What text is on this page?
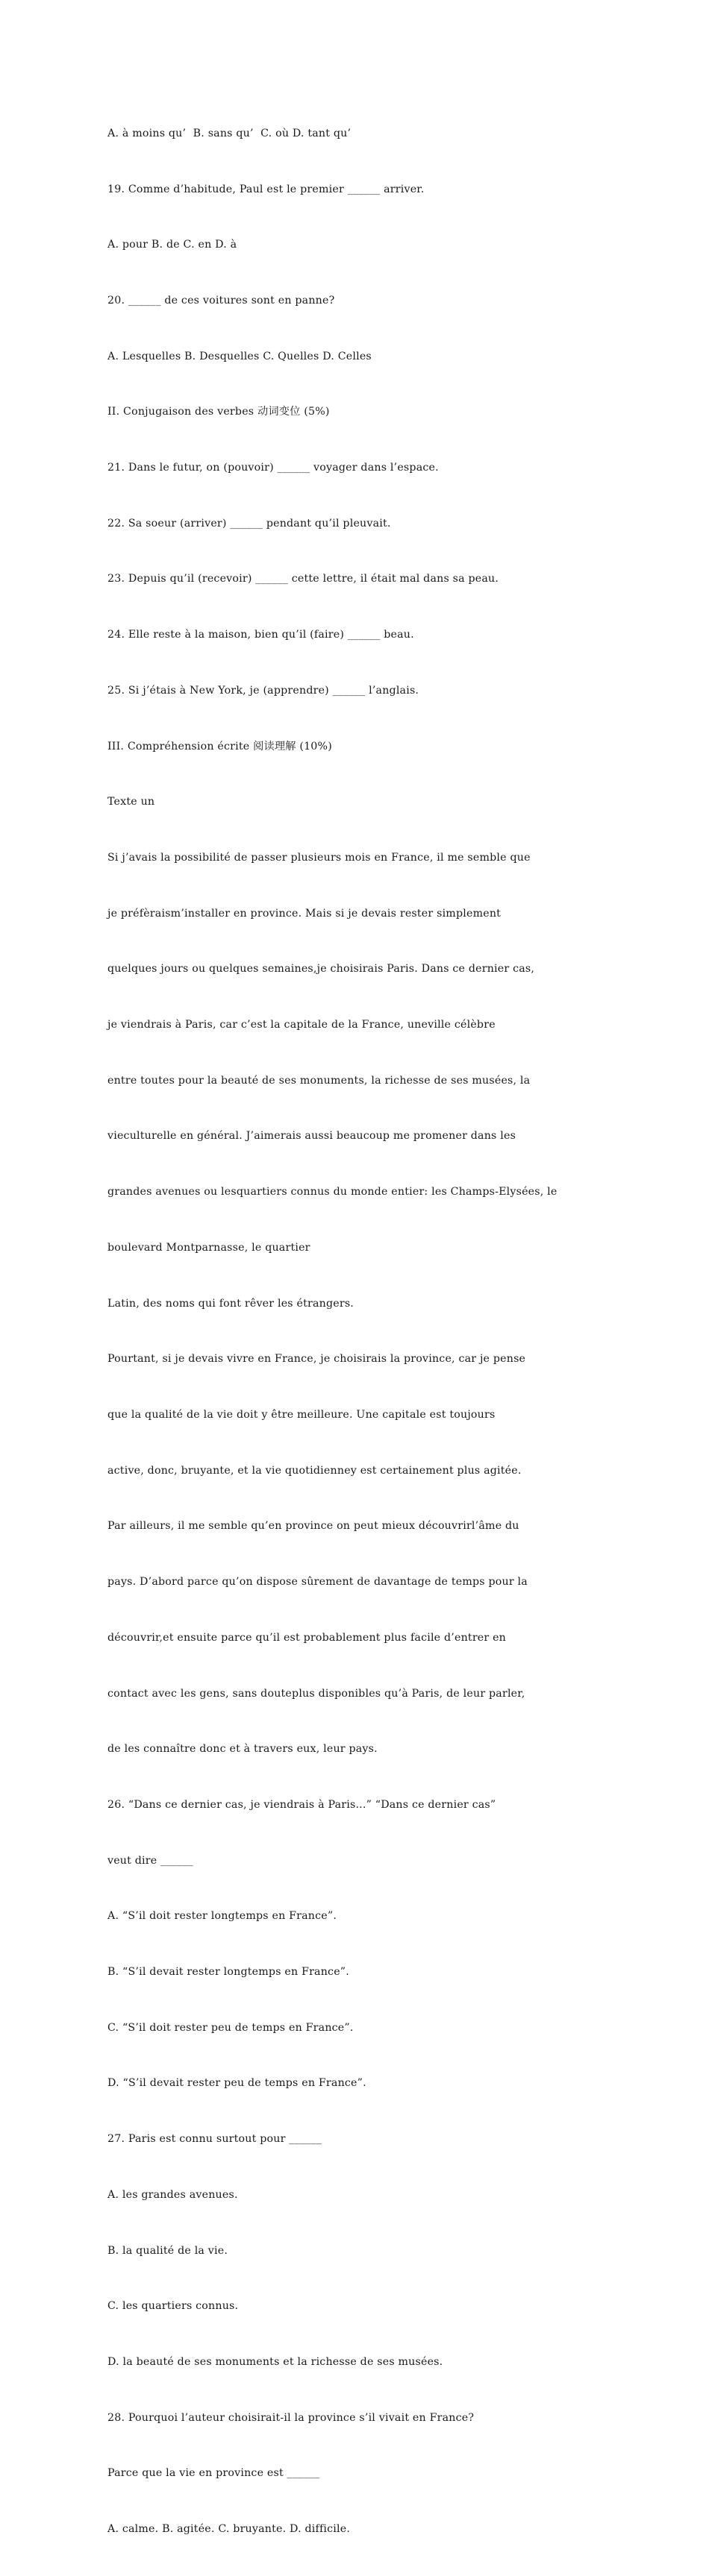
A. à moins qu’  B. sans qu’  C. où D. tant qu’

19. Comme d’habitude, Paul est le premier ______ arriver.

A. pour B. de C. en D. à

20. ______ de ces voitures sont en panne?

A. Lesquelles B. Desquelles C. Quelles D. Celles

II. Conjugaison des verbes 动词变位 (5%)

21. Dans le futur, on (pouvoir) ______ voyager dans l’espace.

22. Sa soeur (arriver) ______ pendant qu’il pleuvait.

23. Depuis qu’il (recevoir) ______ cette lettre, il était mal dans sa peau.

24. Elle reste à la maison, bien qu’il (faire) ______ beau.

25. Si j’étais à New York, je (apprendre) ______ l’anglais.

III. Compréhension écrite 阅读理解 (10%)

Texte un

Si j’avais la possibilité de passer plusieurs mois en France, il me semble que

je préfèraism’installer en province. Mais si je devais rester simplement

quelques jours ou quelques semaines,je choisirais Paris. Dans ce dernier cas,

je viendrais à Paris, car c’est la capitale de la France, uneville célèbre

entre toutes pour la beauté de ses monuments, la richesse de ses musées, la

vieculturelle en général. J’aimerais aussi beaucoup me promener dans les

grandes avenues ou lesquartiers connus du monde entier: les Champs-Elysées, le

boulevard Montparnasse, le quartier

Latin, des noms qui font rêver les étrangers.

Pourtant, si je devais vivre en France, je choisirais la province, car je pense

que la qualité de la vie doit y être meilleure. Une capitale est toujours

active, donc, bruyante, et la vie quotidienney est certainement plus agitée.

Par ailleurs, il me semble qu’en province on peut mieux découvrirl’âme du

pays. D’abord parce qu’on dispose sûrement de davantage de temps pour la

découvrir,et ensuite parce qu’il est probablement plus facile d’entrer en

contact avec les gens, sans douteplus disponibles qu’à Paris, de leur parler,

de les connaître donc et à travers eux, leur pays.

26. “Dans ce dernier cas, je viendrais à Paris...” “Dans ce dernier cas”

veut dire ______

A. “S’il doit rester longtemps en France”.

B. “S’il devait rester longtemps en France”.

C. “S’il doit rester peu de temps en France”.

D. “S’il devait rester peu de temps en France”.

27. Paris est connu surtout pour ______

A. les grandes avenues.

B. la qualité de la vie.

C. les quartiers connus.

D. la beauté de ses monuments et la richesse de ses musées.

28. Pourquoi l’auteur choisirait-il la province s’il vivait en France?

Parce que la vie en province est ______

A. calme. B. agitée. C. bruyante. D. difficile.
